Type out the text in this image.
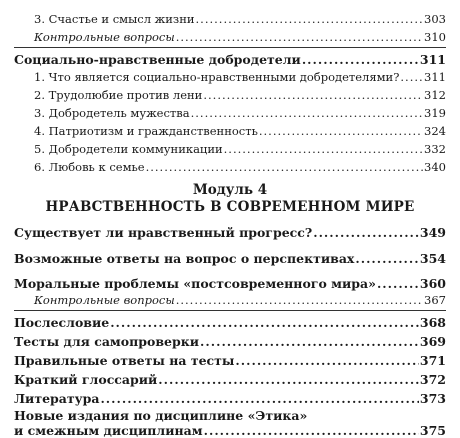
3. Счастье и смысл жизни .....	303
Контрольные вопросы .....	310
Социально-нравственные добродетели .....	311
1. Что является социально-нравственными добродетелями? ..... 311
2. Трудолюбие против лени .....	312
3. Добродетель мужества .....	319
4. Патриотизм и гражданственность .....	324
5. Добродетели коммуникации .....	332
6. Любовь к семье .....	340
Модуль 4
НРАВСТВЕННОСТЬ В СОВРЕМЕННОМ МИРЕ
Существует ли нравственный прогресс? .....	349
Возможные ответы на вопрос о перспективах .....	354
Моральные проблемы «постсовременного мира» .....	360
Контрольные вопросы .....	367
Послесловие .....	368
Тесты для самопроверки .....	369
Правильные ответы на тесты .....	371
Краткий глоссарий .....	372
Литература .....	373
Новые издания по дисциплине «Этика»
и смежным дисциплинам .....	375
